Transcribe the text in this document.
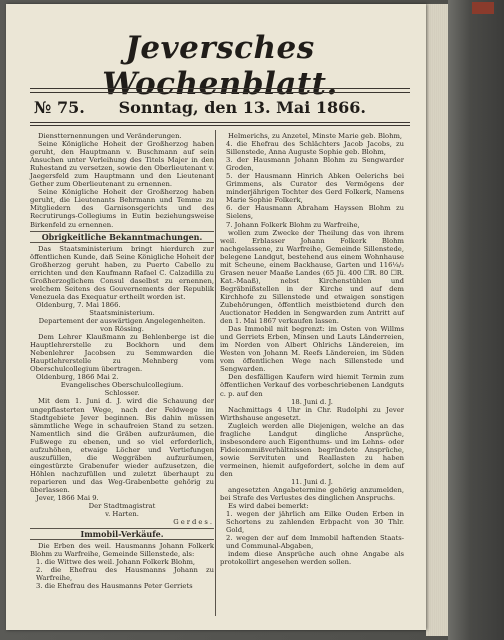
Jeversches Wochenblatt.
№ 75. Sonntag, den 13. Mai 1866.

Dienstternennungen und Veränderungen.

Seine Königliche Hoheit der Großherzog haben geruht, den Hauptmann v. Buschmann auf sein Ansuchen unter Verleihung des Titels Majer in den Ruhestand zu versetzen, sowie den Oberlieutenant v. Jaegersfeld zum Hauptmann und den Lieutenant Gether zum Oberlieutenant zu ernennen.

Seine Königliche Hoheit der Großherzog haben geruht, die Lieutenants Behrmann und Temme zu Mitgliedern des Garnisonsgerichts und des Recrutirungs-Collegiums in Eutin beziehungsweise Birkenfeld zu ernennen.

Obrigkeitliche Bekanntmachungen.

Das Staatsministerium bringt hierdurch zur öffentlichen Kunde, daß Seine Königliche Hoheit der Großherzog geruht haben, zu Puerto Cabello zu errichten und den Kaufmann Rafael C. Calzadilla zu Großherzoglichem Consul daselbst zu ernennen, welchem Seitens des Gouvernements der Republik Venezuela das Exequatur ertheilt worden ist.

Oldenburg, 7. Mai 1866.

Staatsministerium.

Departement der auswärtigen Angelegenheiten.

von Rössing.

Dem Lehrer Klaußmann zu Behlenberge ist die Hauptlehrerstelle zu Bockhorn und dem Nebenlehrer Jacobsen zu Semmwarden die Hauptlehrerstelle zu Mehnberg vom Oberschulcollegium übertragen.

Oldenburg, 1866 Mai 2.

Evangelisches Oberschulcollegium.

Schlosser.

Mit dem 1. Juni d. J. wird die Schauung der ungepflasterten Wege, nach der Feldwege im Stadtgebiete Jever beginnen. Bis dahin müssen sämmtliche Wege in schaufreien Stand zu setzen. Namentlich sind die Gräben aufzuräumen, die Fußwege zu ebenen, und so viel erforderlich, aufzuhöhen, etwaige Löcher und Vertiefungen auszufüllen, die Weggräben aufzuräumen, eingestürzte Grabenufer wieder aufzusetzen, die Höhlen nachzufüllen und zuletzt überhaupt zu reparieren und das Weg-Grabenbette gehörig zu überlassen.

Jever, 1866 Mai 9.

Der Stadtmagistrat

v. Harten.

Gerdes.

Immobil-Verkäufe.

Die Erben des weil. Hausmanns Johann Folkerk Blohm zu Warfreihe, Gemeinde Sillenstede, als:

1. die Wittwe des weil. Johann Folkerk Blohm,

2. die Ehefrau des Hausmanns Johann zu Warfreihe,

3. die Ehefrau des Hausmanns Peter Gerriets

Helmerichs, zu Anzetel, Minste Marie geb. Blohm,

4. die Ehefrau des Schlächters Jacob Jacobs, zu Sillenstede, Anna Auguste Sophie geb. Blohm,

3. der Hausmann Johann Blohm zu Sengwarder Groden,

5. der Hausmann Hinrich Abken Oelerichs bei Grimmens, als Curator des Vermögens der minderjährigen Tochter des Gerd Folkerk, Namens Marie Sophie Folkerk,

6. der Hausmann Abraham Hayssen Blohm zu Sielens,

7. Johann Folkerk Blohm zu Warfreihe,

wollen zum Zwecke der Theilung das von ihrem weil. Erblasser Johann Folkerk Blohm nachgelassene, zu Warfreihe, Gemeinde Sillenstede, belegene Landgut, bestehend aus einem Wohnhause mit Scheune, einem Backhause, Garten und 116¼/₂ Grasen neuer Maaße Landes (65 Jü. 400 ☐R. 80 ☐R. Kat.-Maaß), nebst Kirchenstühlen und Begräbnißstellen in der Kirche und auf dem Kirchhofe zu Sillenstede und etwaigen sonstigen Zubehörungen, öffentlich meistbietend durch den Auctionator Hedden in Sengwarden zum Antritt auf den 1. Mai 1867 verkaufen lassen.

Das Immobil mit begrenzt: im Osten von Willms und Gerriets Erben, Minsen und Lauts Länderreien, im Norden von Albert Ohlrichs Ländereien, im Westen von Johann M. Reefs Ländereien, im Süden vom öffentlichen Wege nach Sillenstede und Sengwarden.

Den desfälligen Kaufern wird hiemit Termin zum öffentlichen Verkauf des vorbeschriebenen Landguts c. p. auf den

18. Juni d. J.

Nachmittags 4 Uhr in Chr. Rudolphi zu Jever Wirthshause angesetzt.

Zugleich werden alle Diejenigen, welche an das fragliche Landgut dingliche Ansprüche, insbesondere auch Eigenthums- und im Lehns- oder Fideicommißverhältnissen begründete Ansprüche, sowie Servituten und Reallasten zu haben vermeinen, hiemit aufgefordert, solche in dem auf den

11. Juni d. J.

angesetzten Angabetermine gehörig anzumelden, bei Strafe des Verlustes des dinglichen Anspruchs.

Es wird dabei bemerkt:

1. wegen der jährlich am Eilke Ouden Erben in Schortens zu zahlenden Erbpacht von 30 Thlr. Gold,

2. wegen der auf dem Immobil haftenden Staats- und Communal-Abgaben,

indem diese Ansprüche auch ohne Angabe als protokollirt angesehen werden sollen.
